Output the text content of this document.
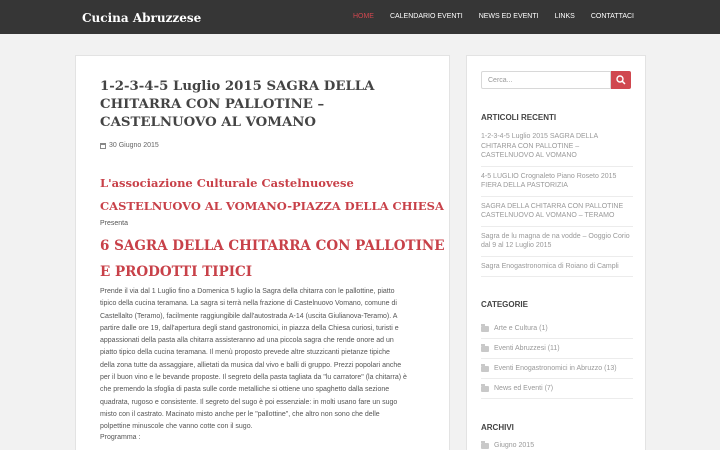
Cucina Abruzzese	HOME	CALENDARIO EVENTI	NEWS ED EVENTI	LINKS	CONTATTACI
1-2-3-4-5 Luglio 2015 SAGRA DELLA CHITARRA CON PALLOTINE – CASTELNUOVO AL VOMANO
30 Giugno 2015
L'associazione Culturale Castelnuovese
CASTELNUOVO AL VOMANO-PIAZZA DELLA CHIESA
Presenta
6 SAGRA DELLA CHITARRA CON PALLOTINE
E PRODOTTI TIPICI
Prende il via dal 1 Luglio fino a Domenica 5 luglio la Sagra della chitarra con le pallottine, piatto
tipico della cucina teramana. La sagra si terrà nella frazione di Castelnuovo Vomano, comune di
Castellalto (Teramo), facilmente raggiungibile dall'autostrada A-14 (uscita Giulianova-Teramo). A
partire dalle ore 19, dall'apertura degli stand gastronomici, in piazza della Chiesa curiosi, turisti e
appassionati della pasta alla chitarra assisteranno ad una piccola sagra che rende onore ad un
piatto tipico della cucina teramana. Il menù proposto prevede altre stuzzicanti pietanze tipiche
della zona tutte da assaggiare, allietati da musica dal vivo e balli di gruppo. Prezzi popolari anche
per il buon vino e le bevande proposte. Il segreto della pasta tagliata da "lu carratore" (la chitarra) è
che premendo la sfoglia di pasta sulle corde metalliche si ottiene uno spaghetto dalla sezione
quadrata, rugoso e consistente. Il segreto del sugo è poi essenziale: in molti usano fare un sugo
misto con il castrato. Macinato misto anche per le "pallottine", che altro non sono che delle
polpettine minuscole che vanno cotte con il sugo.
Programma :
Cerca...
ARTICOLI RECENTI
1-2-3-4-5 Luglio 2015 SAGRA DELLA CHITARRA CON PALLOTINE – CASTELNUOVO AL VOMANO
4-5 LUGLIO Crognaleto Piano Roseto 2015 FIERA DELLA PASTORIZIA
SAGRA DELLA CHITARRA CON PALLOTINE CASTELNUOVO AL VOMANO – TERAMO
Sagra de lu magna de na vodde – Ooggio Corio dal 9 al 12 Luglio 2015
Sagra Enogastronomica di Roiano di Campli
CATEGORIE
Arte e Cultura (1)
Eventi Abruzzesi (11)
Eventi Enogastronomici in Abruzzo (13)
News ed Eventi (7)
ARCHIVI
Giugno 2015
